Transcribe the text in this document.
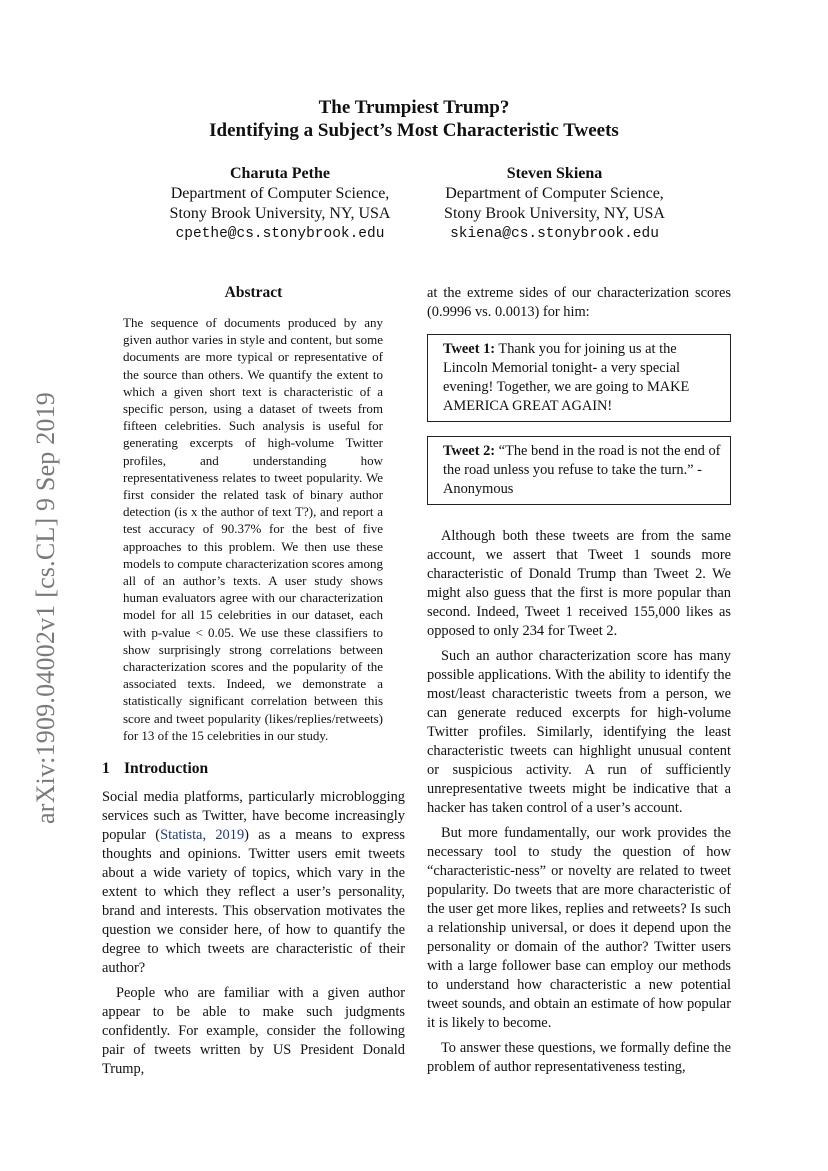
arXiv:1909.04002v1 [cs.CL] 9 Sep 2019
The Trumpiest Trump?
Identifying a Subject’s Most Characteristic Tweets
Charuta Pethe
Department of Computer Science,
Stony Brook University, NY, USA
cpethe@cs.stonybrook.edu
Steven Skiena
Department of Computer Science,
Stony Brook University, NY, USA
skiena@cs.stonybrook.edu
Abstract
The sequence of documents produced by any given author varies in style and content, but some documents are more typical or representative of the source than others. We quantify the extent to which a given short text is characteristic of a specific person, using a dataset of tweets from fifteen celebrities. Such analysis is useful for generating excerpts of high-volume Twitter profiles, and understanding how representativeness relates to tweet popularity. We first consider the related task of binary author detection (is x the author of text T?), and report a test accuracy of 90.37% for the best of five approaches to this problem. We then use these models to compute characterization scores among all of an author’s texts. A user study shows human evaluators agree with our characterization model for all 15 celebrities in our dataset, each with p-value < 0.05. We use these classifiers to show surprisingly strong correlations between characterization scores and the popularity of the associated texts. Indeed, we demonstrate a statistically significant correlation between this score and tweet popularity (likes/replies/retweets) for 13 of the 15 celebrities in our study.
1 Introduction

Social media platforms, particularly microblogging services such as Twitter, have become increasingly popular (Statista, 2019) as a means to express thoughts and opinions. Twitter users emit tweets about a wide variety of topics, which vary in the extent to which they reflect a user’s personality, brand and interests. This observation motivates the question we consider here, of how to quantify the degree to which tweets are characteristic of their author?

People who are familiar with a given author appear to be able to make such judgments confidently. For example, consider the following pair of tweets written by US President Donald Trump,

at the extreme sides of our characterization scores (0.9996 vs. 0.0013) for him:

Tweet 1: Thank you for joining us at the Lincoln Memorial tonight- a very special evening! Together, we are going to MAKE AMERICA GREAT AGAIN!
Tweet 2: “The bend in the road is not the end of the road unless you refuse to take the turn.” - Anonymous

Although both these tweets are from the same account, we assert that Tweet 1 sounds more characteristic of Donald Trump than Tweet 2. We might also guess that the first is more popular than second. Indeed, Tweet 1 received 155,000 likes as opposed to only 234 for Tweet 2.

Such an author characterization score has many possible applications. With the ability to identify the most/least characteristic tweets from a person, we can generate reduced excerpts for high-volume Twitter profiles. Similarly, identifying the least characteristic tweets can highlight unusual content or suspicious activity. A run of sufficiently unrepresentative tweets might be indicative that a hacker has taken control of a user’s account.

But more fundamentally, our work provides the necessary tool to study the question of how “characteristic-ness” or novelty are related to tweet popularity. Do tweets that are more characteristic of the user get more likes, replies and retweets? Is such a relationship universal, or does it depend upon the personality or domain of the author? Twitter users with a large follower base can employ our methods to understand how characteristic a new potential tweet sounds, and obtain an estimate of how popular it is likely to become.

To answer these questions, we formally define the problem of author representativeness testing,
